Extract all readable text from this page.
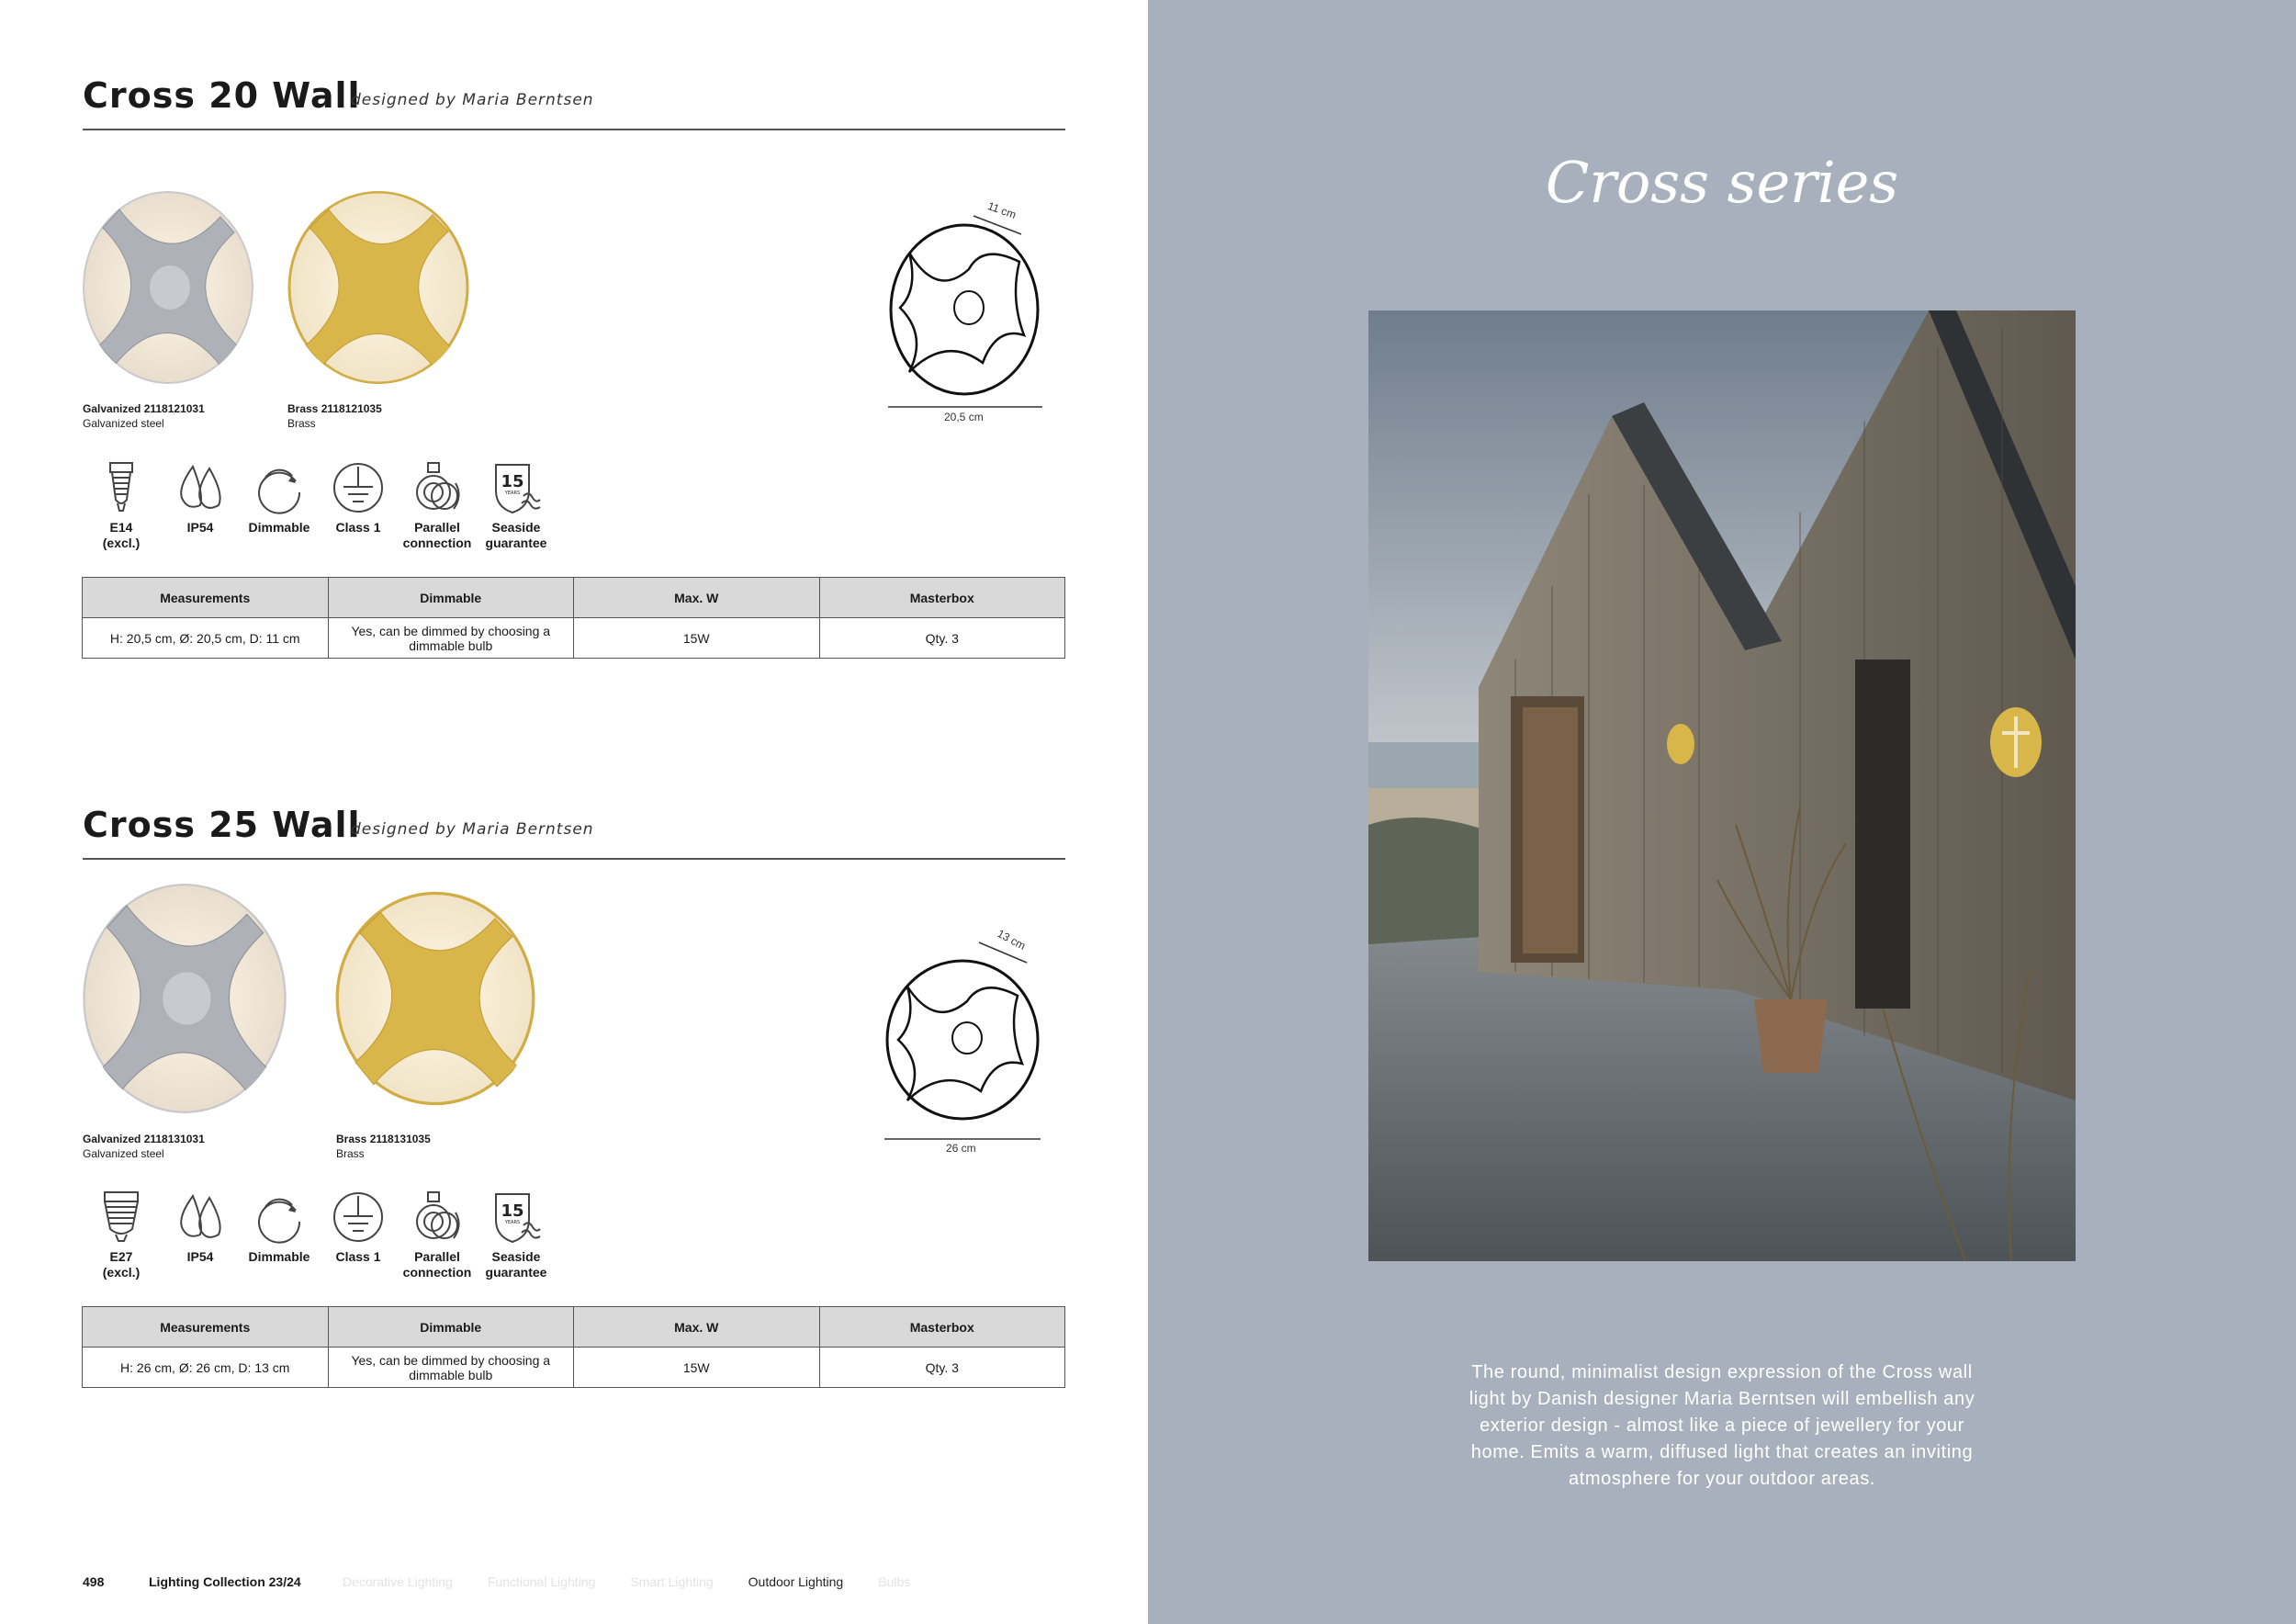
Cross 20 Wall
designed by Maria Berntsen
Galvanized 2118121031
Galvanized steel
Brass 2118121035
Brass
11 cm
20,5 cm
E14
(excl.)
IP54	Dimmable	Class 1	Parallel
connection
15
YEARS
Seaside
guarantee
Measurements	Dimmable	Max. W	Masterbox
H: 20,5 cm, Ø: 20,5 cm, D: 11 cm	Yes, can be dimmed by choosing a dimmable bulb	15W	Qty. 3
Cross 25 Wall
designed by Maria Berntsen
Galvanized 2118131031
Galvanized steel
Brass 2118131035
Brass
13 cm
26 cm
E27
(excl.)
IP54	Dimmable	Class 1	Parallel
connection
15
YEARS
Seaside
guarantee
Measurements	Dimmable	Max. W	Masterbox
H: 26 cm, Ø: 26 cm, D: 13 cm	Yes, can be dimmed by choosing a dimmable bulb	15W	Qty. 3
498	Lighting Collection 23/24	Decorative Lighting	Functional Lighting	Smart Lighting	Outdoor Lighting	Bulbs
Cross series
The round, minimalist design expression of the Cross wall light by Danish designer Maria Berntsen will embellish any exterior design - almost like a piece of jewellery for your home. Emits a warm, diffused light that creates an inviting atmosphere for your outdoor areas.
